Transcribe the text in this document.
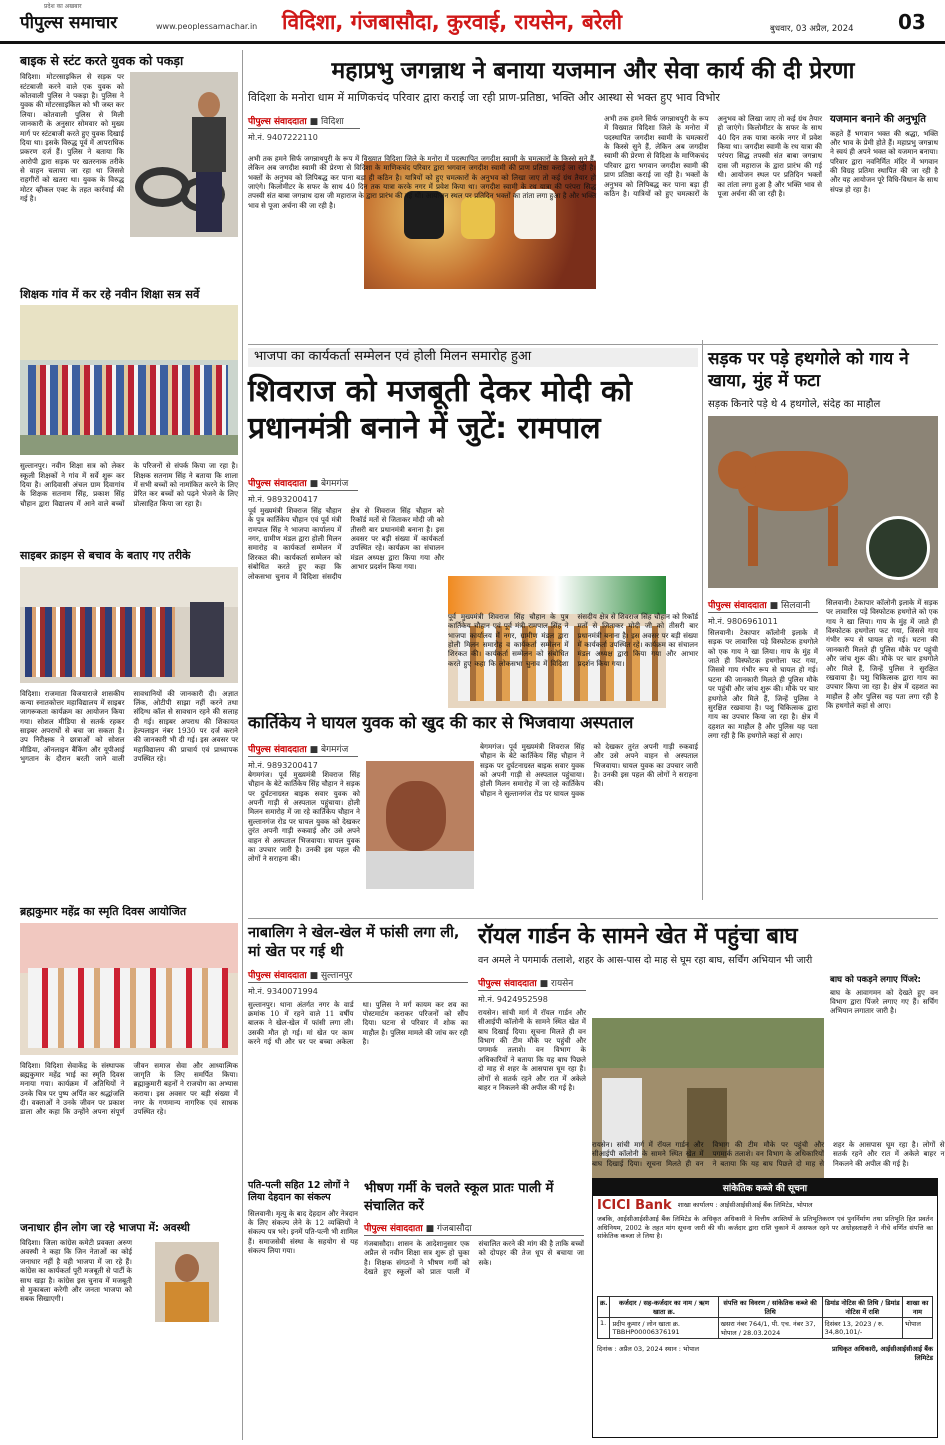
प्रदेश का अखबार
पीपुल्स समाचार	www.peoplessamachar.in विदिशा, गंजबासौदा, कुरवाई, रायसेन, बरेली	बुधवार, 03 अप्रैल, 2024 03
बाइक से स्टंट करते युवक को पकड़ा
विदिशा। मोटरसाइकिल से सड़क पर स्टंटबाजी करने वाले एक युवक को कोतवाली पुलिस ने पकड़ा है। पुलिस ने युवक की मोटरसाइकिल को भी जब्त कर लिया। कोतवाली पुलिस से मिली जानकारी के अनुसार सोमवार को मुख्य मार्ग पर स्टंटबाजी करते हुए युवक दिखाई दिया था। इसके विरुद्ध पूर्व में आपराधिक प्रकरण दर्ज हैं। पुलिस ने बताया कि आरोपी द्वारा सड़क पर खतरनाक तरीके से वाहन चलाया जा रहा था जिससे राहगीरों को खतरा था। युवक के विरुद्ध मोटर व्हीकल एक्ट के तहत कार्रवाई की गई है।
शिक्षक गांव में कर रहे नवीन शिक्षा सत्र सर्वे
सुल्तानपुर। नवीन शिक्षा सत्र को लेकर स्कूली शिक्षकों ने गांव में सर्वे शुरू कर दिया है। आदिवासी अंचल ग्राम दिवागांव के शिक्षक सतनाम सिंह, प्रकाश सिंह चौहान द्वारा विद्यालय में आने वाले बच्चों के परिजनों से संपर्क किया जा रहा है। शिक्षक सतनाम सिंह ने बताया कि शाला में सभी बच्चों को नामांकित करने के लिए प्रेरित कर बच्चों को पढ़ने भेजने के लिए प्रोत्साहित किया जा रहा है।
साइबर क्राइम से बचाव के बताए गए तरीके
विदिशा। राजमाता विजयाराजे शासकीय कन्या स्नातकोत्तर महाविद्यालय में साइबर जागरूकता कार्यक्रम का आयोजन किया गया। सोशल मीडिया से सतर्क रहकर साइबर अपराधों से बचा जा सकता है। उप निरीक्षक ने छात्राओं को सोशल मीडिया, ऑनलाइन बैंकिंग और यूपीआई भुगतान के दौरान बरती जाने वाली सावधानियों की जानकारी दी। अज्ञात लिंक, ओटीपी साझा नहीं करने तथा संदिग्ध कॉल से सावधान रहने की सलाह दी गई। साइबर अपराध की शिकायत हेल्पलाइन नंबर 1930 पर दर्ज कराने की जानकारी भी दी गई। इस अवसर पर महाविद्यालय की प्राचार्य एवं प्राध्यापक उपस्थित रहे।
ब्रह्मकुमार महेंद्र का स्मृति दिवस आयोजित
विदिशा। विदिशा सेवाकेंद्र के संस्थापक ब्रह्मकुमार महेंद्र भाई का स्मृति दिवस मनाया गया। कार्यक्रम में अतिथियों ने उनके चित्र पर पुष्प अर्पित कर श्रद्धांजलि दी। वक्ताओं ने उनके जीवन पर प्रकाश डाला और कहा कि उन्होंने अपना संपूर्ण जीवन समाज सेवा और आध्यात्मिक जागृति के लिए समर्पित किया। ब्रह्माकुमारी बहनों ने राजयोग का अभ्यास कराया। इस अवसर पर बड़ी संख्या में नगर के गणमान्य नागरिक एवं साधक उपस्थित रहे।
जनाधार हीन लोग जा रहे भाजपा में: अवस्थी
विदिशा। जिला कांग्रेस कमेटी प्रवक्ता अरुण अवस्थी ने कहा कि जिन नेताओं का कोई जनाधार नहीं है वही भाजपा में जा रहे हैं। कांग्रेस का कार्यकर्ता पूरी मजबूती से पार्टी के साथ खड़ा है। कांग्रेस इस चुनाव में मजबूती से मुकाबला करेगी और जनता भाजपा को सबक सिखाएगी।
महाप्रभु जगन्नाथ ने बनाया यजमान और सेवा कार्य की दी प्रेरणा
विदिशा के मनोरा धाम में माणिकचंद परिवार द्वारा कराई जा रही प्राण-प्रतिष्ठा, भक्ति और आस्था से भक्त हुए भाव विभोर
पीपुल्स संवाददाता ■ विदिशा
मो.नं. 9407222110
अभी तक हमने सिर्फ जगन्नाथपुरी के रूप में विख्यात विदिशा जिले के मनोरा में पदस्थापित जगदीश स्वामी के चमत्कारों के किस्से सुने हैं, लेकिन अब जगदीश स्वामी की प्रेरणा से विदिशा के माणिकचंद परिवार द्वारा भगवान जगदीश स्वामी की प्राण प्रतिष्ठा कराई जा रही है। भक्तों के अनुभव को लिपिबद्ध कर पाना बड़ा ही कठिन है। यात्रियों को हुए चमत्कारों के अनुभव को लिखा जाए तो कई ग्रंथ तैयार हो जाएंगे। किलोमीटर के सफर के साथ 40 दिन तक यात्रा करके नगर में प्रवेश किया था। जगदीश स्वामी के रथ यात्रा की परंपरा सिद्ध तपस्वी संत बाबा जगन्नाथ दास जी महाराज के द्वारा प्रारंभ की गई थी। आयोजन स्थल पर प्रतिदिन भक्तों का तांता लगा हुआ है और भक्ति भाव से पूजा अर्चना की जा रही है।
अभी तक हमने सिर्फ जगन्नाथपुरी के रूप में विख्यात विदिशा जिले के मनोरा में पदस्थापित जगदीश स्वामी के चमत्कारों के किस्से सुने हैं, लेकिन अब जगदीश स्वामी की प्रेरणा से विदिशा के माणिकचंद परिवार द्वारा भगवान जगदीश स्वामी की प्राण प्रतिष्ठा कराई जा रही है। भक्तों के अनुभव को लिपिबद्ध कर पाना बड़ा ही कठिन है। यात्रियों को हुए चमत्कारों के अनुभव को लिखा जाए तो कई ग्रंथ तैयार हो जाएंगे। किलोमीटर के सफर के साथ 40 दिन तक यात्रा करके नगर में प्रवेश किया था। जगदीश स्वामी के रथ यात्रा की परंपरा सिद्ध तपस्वी संत बाबा जगन्नाथ दास जी महाराज के द्वारा प्रारंभ की गई थी। आयोजन स्थल पर प्रतिदिन भक्तों का तांता लगा हुआ है और भक्ति भाव से पूजा अर्चना की जा रही है।
यजमान बनाने की अनुभूति
कहते हैं भगवान भक्त की श्रद्धा, भक्ति और भाव के प्रेमी होते हैं। महाप्रभु जगन्नाथ ने स्वयं ही अपने भक्त को यजमान बनाया। परिवार द्वारा नवनिर्मित मंदिर में भगवान की विग्रह प्रतिमा स्थापित की जा रही है और यह आयोजन पूरे विधि-विधान के साथ संपन्न हो रहा है।
भाजपा का कार्यकर्ता सम्मेलन एवं होली मिलन समारोह हुआ
शिवराज को मजबूती देकर मोदी को प्रधानमंत्री बनाने में जुटें: रामपाल
पीपुल्स संवाददाता ■ बेगमगंज
मो.नं. 9893200417
पूर्व मुख्यमंत्री शिवराज सिंह चौहान के पुत्र कार्तिकेय चौहान एवं पूर्व मंत्री रामपाल सिंह ने भाजपा कार्यालय में नगर, ग्रामीण मंडल द्वारा होली मिलन समारोह व कार्यकर्ता सम्मेलन में शिरकत की। कार्यकर्ता सम्मेलन को संबोधित करते हुए कहा कि लोकसभा चुनाव में विदिशा संसदीय क्षेत्र से शिवराज सिंह चौहान को रिकॉर्ड मतों से जिताकर मोदी जी को तीसरी बार प्रधानमंत्री बनाना है। इस अवसर पर बड़ी संख्या में कार्यकर्ता उपस्थित रहे। कार्यक्रम का संचालन मंडल अध्यक्ष द्वारा किया गया और आभार प्रदर्शन किया गया।
पूर्व मुख्यमंत्री शिवराज सिंह चौहान के पुत्र कार्तिकेय चौहान एवं पूर्व मंत्री रामपाल सिंह ने भाजपा कार्यालय में नगर, ग्रामीण मंडल द्वारा होली मिलन समारोह व कार्यकर्ता सम्मेलन में शिरकत की। कार्यकर्ता सम्मेलन को संबोधित करते हुए कहा कि लोकसभा चुनाव में विदिशा संसदीय क्षेत्र से शिवराज सिंह चौहान को रिकॉर्ड मतों से जिताकर मोदी जी को तीसरी बार प्रधानमंत्री बनाना है। इस अवसर पर बड़ी संख्या में कार्यकर्ता उपस्थित रहे। कार्यक्रम का संचालन मंडल अध्यक्ष द्वारा किया गया और आभार प्रदर्शन किया गया।
कार्तिकेय ने घायल युवक को खुद की कार से भिजवाया अस्पताल
पीपुल्स संवाददाता ■ बेगमगंज
मो.नं. 9893200417
बेगमगंज। पूर्व मुख्यमंत्री शिवराज सिंह चौहान के बेटे कार्तिकेय सिंह चौहान ने सड़क पर दुर्घटनाग्रस्त बाइक सवार युवक को अपनी गाड़ी से अस्पताल पहुंचाया। होली मिलन समारोह में जा रहे कार्तिकेय चौहान ने सुल्तानगंज रोड पर घायल युवक को देखकर तुरंत अपनी गाड़ी रुकवाई और उसे अपने वाहन से अस्पताल भिजवाया। घायल युवक का उपचार जारी है। उनकी इस पहल की लोगों ने सराहना की।
बेगमगंज। पूर्व मुख्यमंत्री शिवराज सिंह चौहान के बेटे कार्तिकेय सिंह चौहान ने सड़क पर दुर्घटनाग्रस्त बाइक सवार युवक को अपनी गाड़ी से अस्पताल पहुंचाया। होली मिलन समारोह में जा रहे कार्तिकेय चौहान ने सुल्तानगंज रोड पर घायल युवक को देखकर तुरंत अपनी गाड़ी रुकवाई और उसे अपने वाहन से अस्पताल भिजवाया। घायल युवक का उपचार जारी है। उनकी इस पहल की लोगों ने सराहना की।
सड़क पर पड़े हथगोले को गाय ने खाया, मुंह में फटा
सड़क किनारे पड़े थे 4 हथगोले, संदेह का माहौल
पीपुल्स संवाददाता ■ सिलवानी
मो.नं. 9806961011
सिलवानी। टेकापार कॉलोनी इलाके में सड़क पर लावारिस पड़े विस्फोटक हथगोले को एक गाय ने खा लिया। गाय के मुंह में जाते ही विस्फोटक हथगोला फट गया, जिससे गाय गंभीर रूप से घायल हो गई। घटना की जानकारी मिलते ही पुलिस मौके पर पहुंची और जांच शुरू की। मौके पर चार हथगोले और मिले हैं, जिन्हें पुलिस ने सुरक्षित रखवाया है। पशु चिकित्सक द्वारा गाय का उपचार किया जा रहा है। क्षेत्र में दहशत का माहौल है और पुलिस यह पता लगा रही है कि हथगोले कहां से आए।
सिलवानी। टेकापार कॉलोनी इलाके में सड़क पर लावारिस पड़े विस्फोटक हथगोले को एक गाय ने खा लिया। गाय के मुंह में जाते ही विस्फोटक हथगोला फट गया, जिससे गाय गंभीर रूप से घायल हो गई। घटना की जानकारी मिलते ही पुलिस मौके पर पहुंची और जांच शुरू की। मौके पर चार हथगोले और मिले हैं, जिन्हें पुलिस ने सुरक्षित रखवाया है। पशु चिकित्सक द्वारा गाय का उपचार किया जा रहा है। क्षेत्र में दहशत का माहौल है और पुलिस यह पता लगा रही है कि हथगोले कहां से आए।
नाबालिग ने खेल-खेल में फांसी लगा ली, मां खेत पर गई थी
पीपुल्स संवाददाता ■ सुल्तानपुर
मो.नं. 9340071994
सुल्तानपुर। थाना अंतर्गत नगर के वार्ड क्रमांक 10 में रहने वाले 11 वर्षीय बालक ने खेल-खेल में फांसी लगा ली। उसकी मौत हो गई। मां खेत पर काम करने गई थी और घर पर बच्चा अकेला था। पुलिस ने मर्ग कायम कर शव का पोस्टमार्टम कराकर परिजनों को सौंप दिया। घटना से परिवार में शोक का माहौल है। पुलिस मामले की जांच कर रही है।
पति-पत्नी सहित 12 लोगों ने लिया देहदान का संकल्प
सिलवानी। मृत्यु के बाद देहदान और नेत्रदान के लिए संकल्प लेने के 12 व्यक्तियों ने संकल्प पत्र भरे। इनमें पति-पत्नी भी शामिल हैं। समाजसेवी संस्था के सहयोग से यह संकल्प लिया गया।
भीषण गर्मी के चलते स्कूल प्रातः पाली में संचालित करें
पीपुल्स संवाददाता ■ गंजबासौदा
गंजबासौदा। शासन के आदेशानुसार एक अप्रैल से नवीन शिक्षा सत्र शुरू हो चुका है। शिक्षक संगठनों ने भीषण गर्मी को देखते हुए स्कूलों को प्रातः पाली में संचालित करने की मांग की है ताकि बच्चों को दोपहर की तेज धूप से बचाया जा सके।
रॉयल गार्डन के सामने खेत में पहुंचा बाघ
वन अमले ने पगमार्क तलाशे, शहर के आस-पास दो माह से घूम रहा बाघ, सर्चिंग अभियान भी जारी
पीपुल्स संवाददाता ■ रायसेन
मो.नं. 9424952598
रायसेन। सांची मार्ग में रॉयल गार्डन और सीआईपी कॉलोनी के सामने स्थित खेत में बाघ दिखाई दिया। सूचना मिलते ही वन विभाग की टीम मौके पर पहुंची और पगमार्क तलाशे। वन विभाग के अधिकारियों ने बताया कि यह बाघ पिछले दो माह से शहर के आसपास घूम रहा है। लोगों से सतर्क रहने और रात में अकेले बाहर न निकलने की अपील की गई है।
रायसेन। सांची मार्ग में रॉयल गार्डन और सीआईपी कॉलोनी के सामने स्थित खेत में बाघ दिखाई दिया। सूचना मिलते ही वन विभाग की टीम मौके पर पहुंची और पगमार्क तलाशे। वन विभाग के अधिकारियों ने बताया कि यह बाघ पिछले दो माह से शहर के आसपास घूम रहा है। लोगों से सतर्क रहने और रात में अकेले बाहर न निकलने की अपील की गई है।
बाघ को पकड़ने लगाए पिंजरे:
बाघ के आवागमन को देखते हुए वन विभाग द्वारा पिंजरे लगाए गए हैं। सर्चिंग अभियान लगातार जारी है।
सांकेतिक कब्जे की सूचना
ICICI Bank शाखा कार्यालय : आईसीआईसीआई बैंक लिमिटेड, भोपाल
जबकि, आईसीआईसीआई बैंक लिमिटेड के अधिकृत अधिकारी ने वित्तीय आस्तियों के प्रतिभूतिकरण एवं पुनर्निर्माण तथा प्रतिभूति हित प्रवर्तन अधिनियम, 2002 के तहत मांग सूचना जारी की थी। कर्जदार द्वारा राशि चुकाने में असफल रहने पर अधोहस्ताक्षरी ने नीचे वर्णित संपत्ति का सांकेतिक कब्जा ले लिया है।
क्र.	कर्जदार / सह-कर्जदार का नाम / ऋण खाता क्र.	संपत्ति का विवरण / सांकेतिक कब्जे की तिथि	डिमांड नोटिस की तिथि / डिमांड नोटिस में राशि	शाखा का नाम
1.	प्रदीप कुमार / लोन खाता क्र. TBBHP00006376191	खसरा नंबर 764/1, पी. एच. नंबर 37, भोपाल / 28.03.2024	दिसंबर 13, 2023 / रु. 34,80,101/-	भोपाल
दिनांक : अप्रैल 03, 2024 स्थान : भोपाल	प्राधिकृत अधिकारी, आईसीआईसीआई बैंक लिमिटेड
